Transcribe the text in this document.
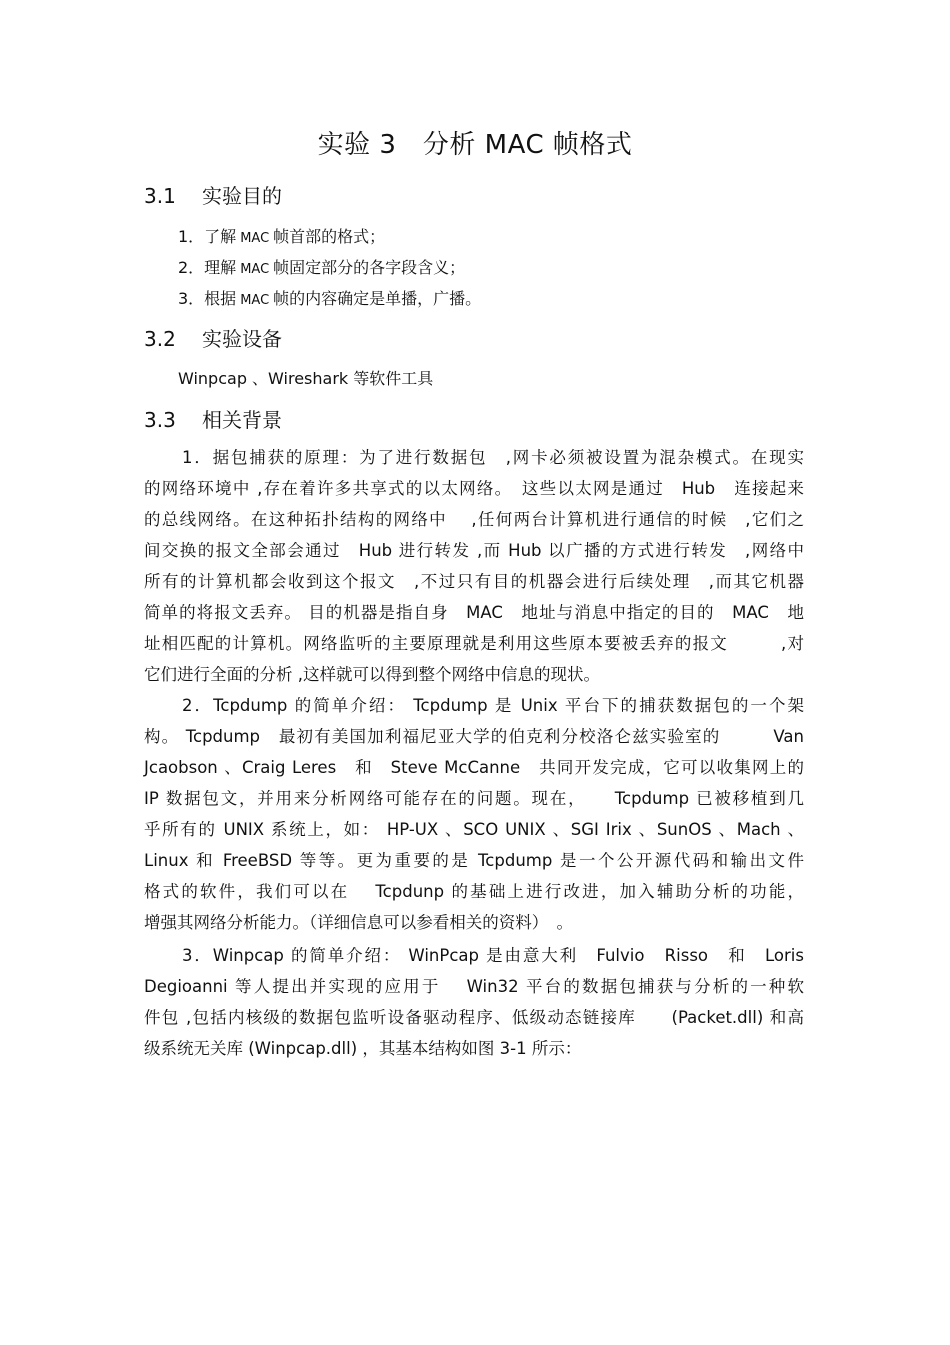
实验 3　分析 MAC 帧格式
3.1 实验目的
1．了解 MAC 帧首部的格式；
2．理解 MAC 帧固定部分的各字段含义；
3．根据 MAC 帧的内容确定是单播，广播。
3.2 实验设备
Winpcap 、Wireshark 等软件工具
3.3 相关背景
1．据包捕获的原理：为了进行数据包　,网卡必须被设置为混杂模式。在现实
的网络环境中 ,存在着许多共享式的以太网络。　这些以太网是通过　Hub　连接起来
的总线网络。在这种拓扑结构的网络中　 ,任何两台计算机进行通信的时候　,它们之
间交换的报文全部会通过　Hub 进行转发 ,而 Hub 以广播的方式进行转发　,网络中
所有的计算机都会收到这个报文　,不过只有目的机器会进行后续处理　,而其它机器
简单的将报文丢弃。 目的机器是指自身　MAC　地址与消息中指定的目的　MAC　地
址相匹配的计算机。网络监听的主要原理就是利用这些原本要被丢弃的报文　　　,对
它们进行全面的分析 ,这样就可以得到整个网络中信息的现状。
2．Tcpdump 的简单介绍： Tcpdump 是 Unix 平台下的捕获数据包的一个架
构。 Tcpdump　最初有美国加利福尼亚大学的伯克利分校洛仑兹实验室的　　　Van
Jcaobson 、Craig Leres　和　Steve McCanne　共同开发完成，它可以收集网上的
IP 数据包文，并用来分析网络可能存在的问题。现在，　　Tcpdump 已被移植到几
乎所有的 UNIX 系统上，如： HP-UX 、SCO UNIX 、SGI Irix 、SunOS 、Mach 、
Linux 和 FreeBSD 等等。更为重要的是 Tcpdump 是一个公开源代码和输出文件
格式的软件，我们可以在　 Tcpdunp 的基础上进行改进，加入辅助分析的功能，
增强其网络分析能力。（详细信息可以参看相关的资料）　。
3．Winpcap 的简单介绍： WinPcap 是由意大利　Fulvio　Risso　和　Loris
Degioanni 等人提出并实现的应用于　 Win32 平台的数据包捕获与分析的一种软
件包 ,包括内核级的数据包监听设备驱动程序、低级动态链接库　　(Packet.dll) 和高
级系统无关库 (Winpcap.dll) ，其基本结构如图 3-1 所示：
